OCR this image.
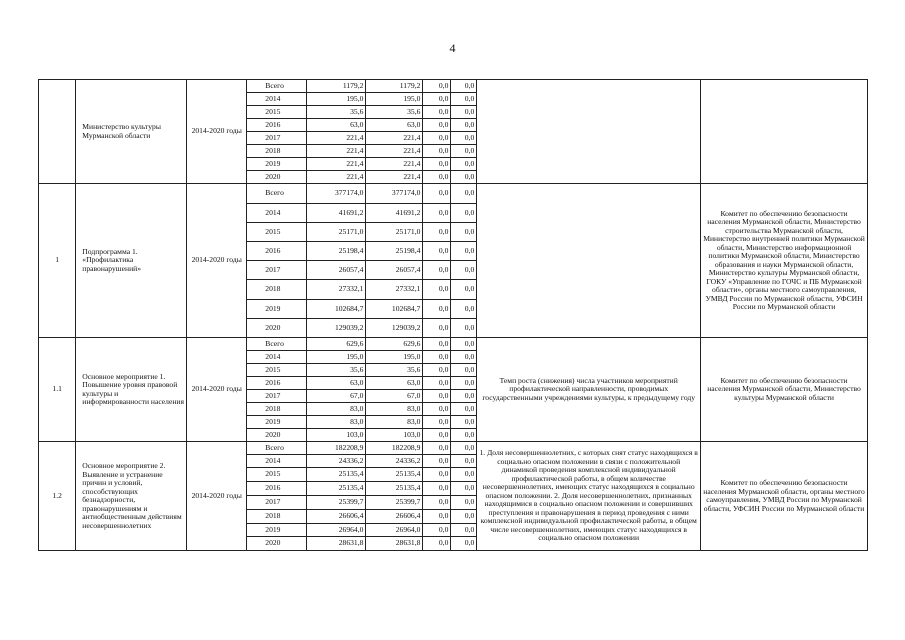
4
	Министерство культуры Мурманской области	2014-2020 годы	Всего	1179,2	1179,2	0,0	0,0		
			2014	195,0	195,0	0,0	0,0		
			2015	35,6	35,6	0,0	0,0		
			2016	63,0	63,0	0,0	0,0		
			2017	221,4	221,4	0,0	0,0		
			2018	221,4	221,4	0,0	0,0		
			2019	221,4	221,4	0,0	0,0		
			2020	221,4	221,4	0,0	0,0		
1	Подпрограмма 1. «Профилактика правонарушений»	2014-2020 годы	Всего	377174,0	377174,0	0,0	0,0		Комитет по обеспечению безопасности населения Мурманской области, Министерство строительства Мурманской области, Министерство внутренней политики Мурманской области, Министерство информационной политики Мурманской области, Министерство образования и науки Мурманской области, Министерство культуры Мурманской области, ГОКУ «Управление по ГОЧС и ПБ Мурманской области», органы местного самоуправления, УМВД России по Мурманской области, УФСИН России по Мурманской области
			2014	41691,2	41691,2	0,0	0,0		
			2015	25171,0	25171,0	0,0	0,0		
			2016	25198,4	25198,4	0,0	0,0		
			2017	26057,4	26057,4	0,0	0,0		
			2018	27332,1	27332,1	0,0	0,0		
			2019	102684,7	102684,7	0,0	0,0		
			2020	129039,2	129039,2	0,0	0,0		
1.1	Основное мероприятие 1. Повышение уровня правовой культуры и информированности населения	2014-2020 годы	Всего	629,6	629,6	0,0	0,0	Темп роста (снижения) числа участников мероприятий профилактической направленности, проводимых государственными учреждениями культуры, к предыдущему году	Комитет по обеспечению безопасности населения Мурманской области, Министерство культуры Мурманской области
			2014	195,0	195,0	0,0	0,0		
			2015	35,6	35,6	0,0	0,0		
			2016	63,0	63,0	0,0	0,0		
			2017	67,0	67,0	0,0	0,0		
			2018	83,0	83,0	0,0	0,0		
			2019	83,0	83,0	0,0	0,0		
			2020	103,0	103,0	0,0	0,0		
1.2	Основное мероприятие 2. Выявление и устранение причин и условий, способствующих безнадзорности, правонарушениям и антиобщественным действиям несовершеннолетних	2014-2020 годы	Всего	182208,9	182208,9	0,0	0,0	1. Доля несовершеннолетних, с которых снят статус находящихся в социально опасном положении в связи с положительной динамикой проведения комплексной индивидуальной профилактической работы, в общем количестве несовершеннолетних, имеющих статус находящихся в социально опасном положении. 2. Доля несовершеннолетних, признанных находящимися в социально опасном положении и совершивших преступления и правонарушения в период проведения с ними комплексной индивидуальной профилактической работы, в общем числе несовершеннолетних, имеющих статус находящихся в социально опасном положении	Комитет по обеспечению безопасности населения Мурманской области, органы местного самоуправления, УМВД России по Мурманской области, УФСИН России по Мурманской области
			2014	24336,2	24336,2	0,0	0,0		
			2015	25135,4	25135,4	0,0	0,0		
			2016	25135,4	25135,4	0,0	0,0		
			2017	25399,7	25399,7	0,0	0,0		
			2018	26606,4	26606,4	0,0	0,0		
			2019	26964,0	26964,0	0,0	0,0		
			2020	28631,8	28631,8	0,0	0,0		
